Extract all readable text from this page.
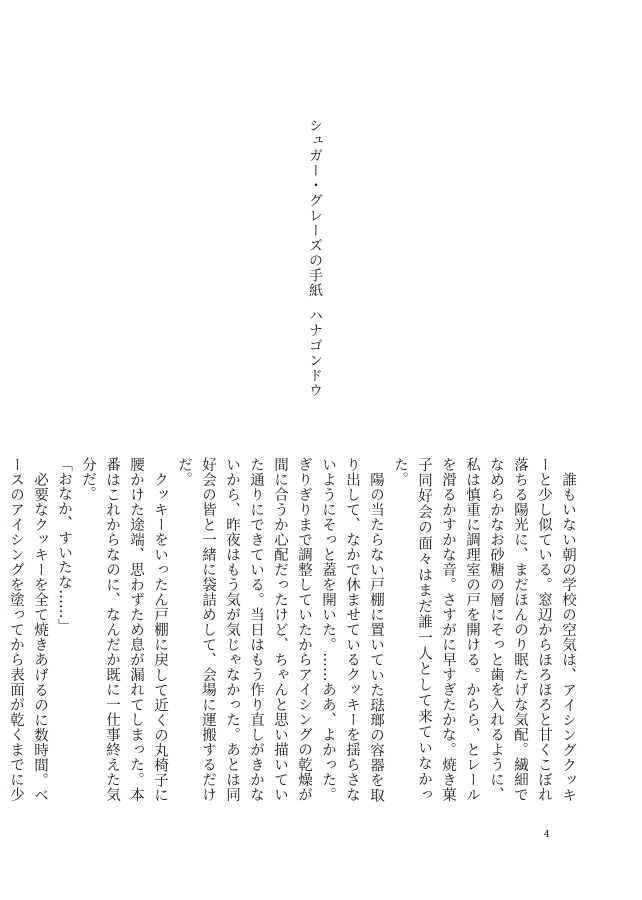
シュガー・グレーズの手紙
ハナゴンドウ

誰もいない朝の学校の空気は、アイシングクッキーと少し似ている。窓辺からほろほろと甘くこぼれ落ちる陽光に、まだほんのり眠たげな気配。繊細でなめらかなお砂糖の層にそっと歯を入れるように、私は慎重に調理室の戸を開ける。からら、とレールを滑るかすかな音。さすがに早すぎたかな。焼き菓子同好会の面々はまだ誰一人として来ていなかった。

陽の当たらない戸棚に置いていた琺瑯の容器を取り出して、なかで休ませているクッキーを揺らさないようにそっと蓋を開いた。……ああ、よかった。ぎりぎりまで調整していたからアイシングの乾燥が間に合うか心配だったけど、ちゃんと思い描いていた通りにできている。当日はもう作り直しがきかないから、昨夜はもう気が気じゃなかった。あとは同好会の皆と一緒に袋詰めして、会場に運搬するだけだ。

クッキーをいったん戸棚に戻して近くの丸椅子に腰かけた途端、思わずため息が漏れてしまった。本番はこれからなのに、なんだか既に一仕事終えた気分だ。

「おなか、すいたな……」

必要なクッキーを全て焼きあげるのに数時間。ベースのアイシングを塗ってから表面が乾くまでに少

4
